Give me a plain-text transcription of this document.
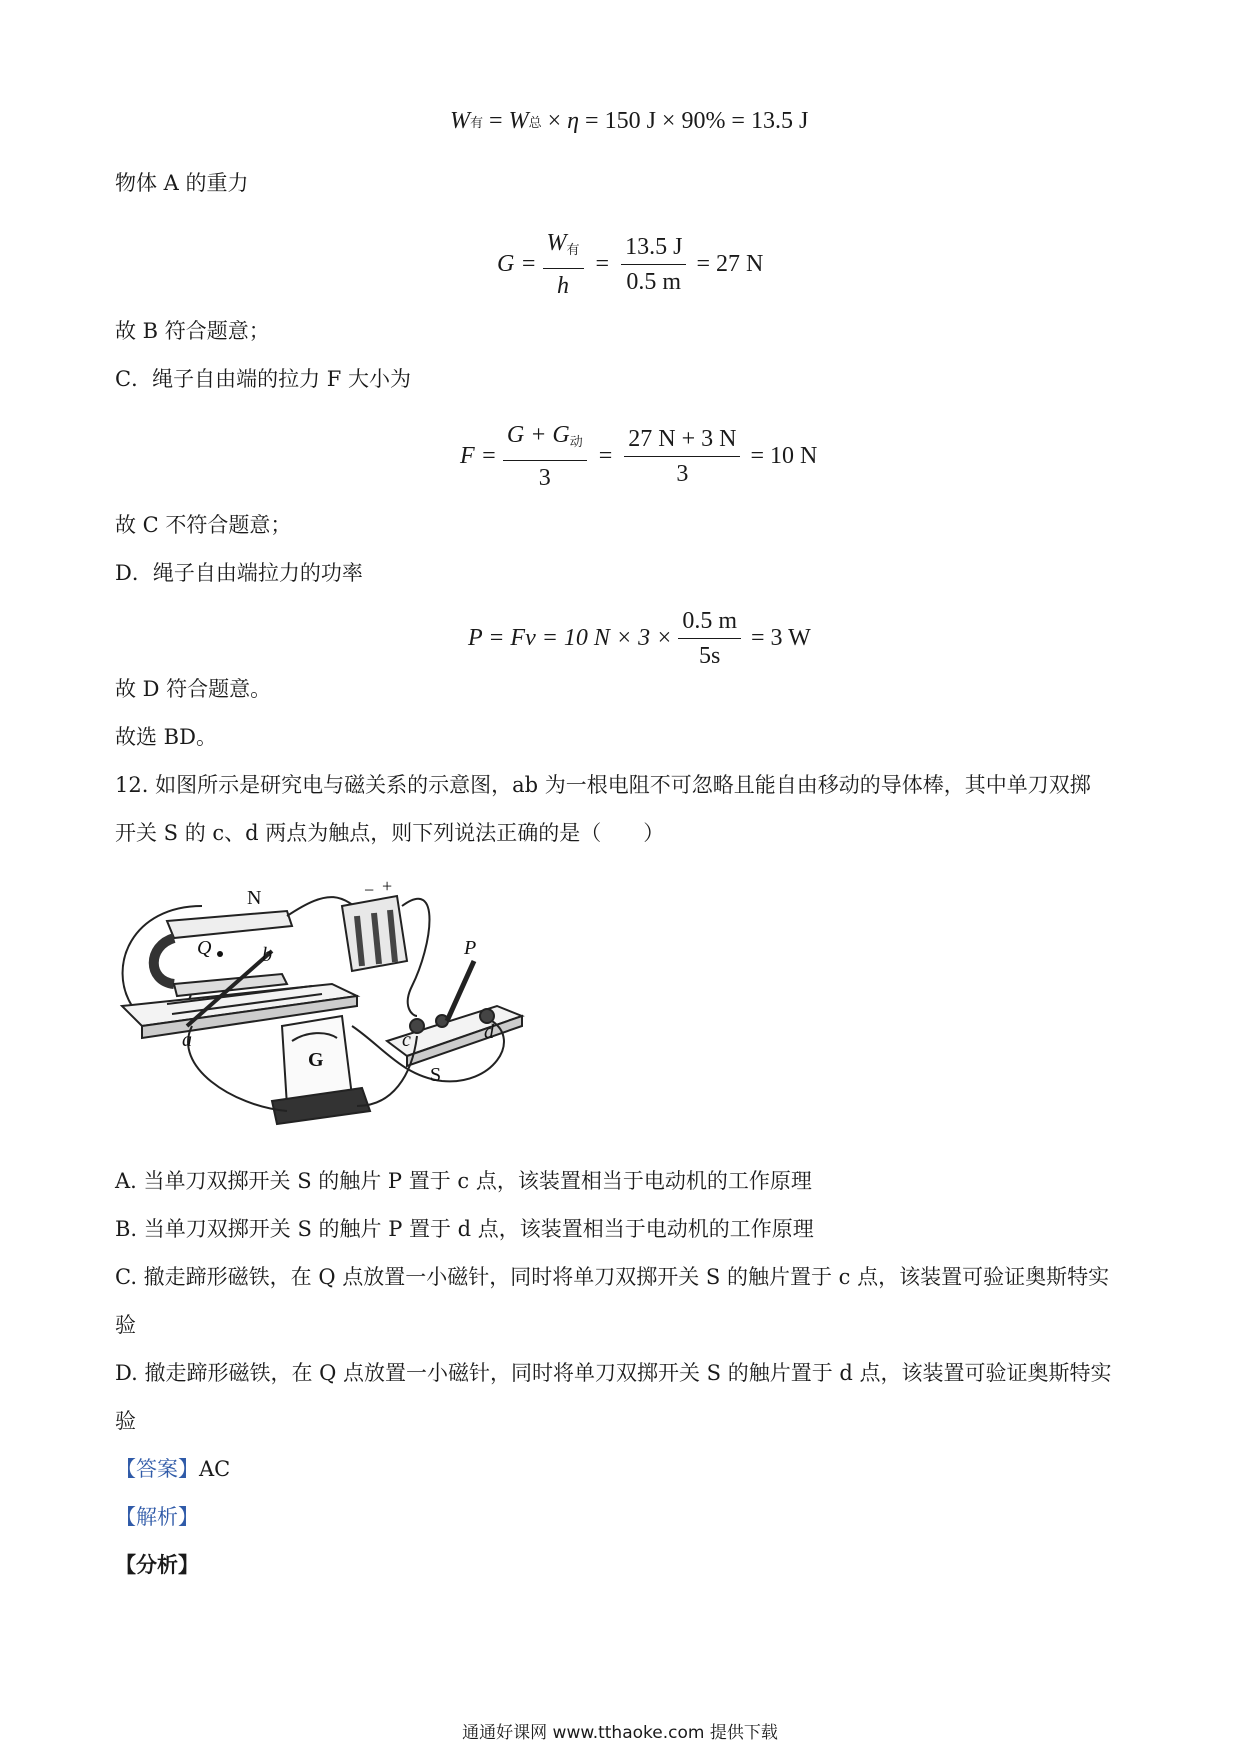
W 有 = W 总 × η = 150 J × 90% = 13.5 J
物体 A 的重力
$G = \frac{W_有}{h} = \frac{13.5 J}{0.5 m} = 27$ N
故 B 符合题意；
C．绳子自由端的拉力 F 大小为
$F = \frac{G + G_动}{3} = \frac{27 N + 3 N}{3} = 10$ N
故 C 不符合题意；
D．绳子自由端拉力的功率
P = Fv = 10 $N \times 3 \times \frac{0.5 m}{5s} = 3$ W
故 D 符合题意。
故选 BD。
12. 如图所示是研究电与磁关系的示意图，ab 为一根电阻不可忽略且能自由移动的导体棒，其中单刀双掷
开关 S 的 c、d 两点为触点，则下列说法正确的是（　　）
N
Q	b
a
P
c	d
S
G
− +
A. 当单刀双掷开关 S 的触片 P 置于 c 点，该装置相当于电动机的工作原理
B. 当单刀双掷开关 S 的触片 P 置于 d 点，该装置相当于电动机的工作原理
C. 撤走蹄形磁铁，在 Q 点放置一小磁针，同时将单刀双掷开关 S 的触片置于 c 点，该装置可验证奥斯特实
验
D. 撤走蹄形磁铁，在 Q 点放置一小磁针，同时将单刀双掷开关 S 的触片置于 d 点，该装置可验证奥斯特实
验
【答案】AC
【解析】
【分析】
通通好课网 www.tthaoke.com 提供下载
